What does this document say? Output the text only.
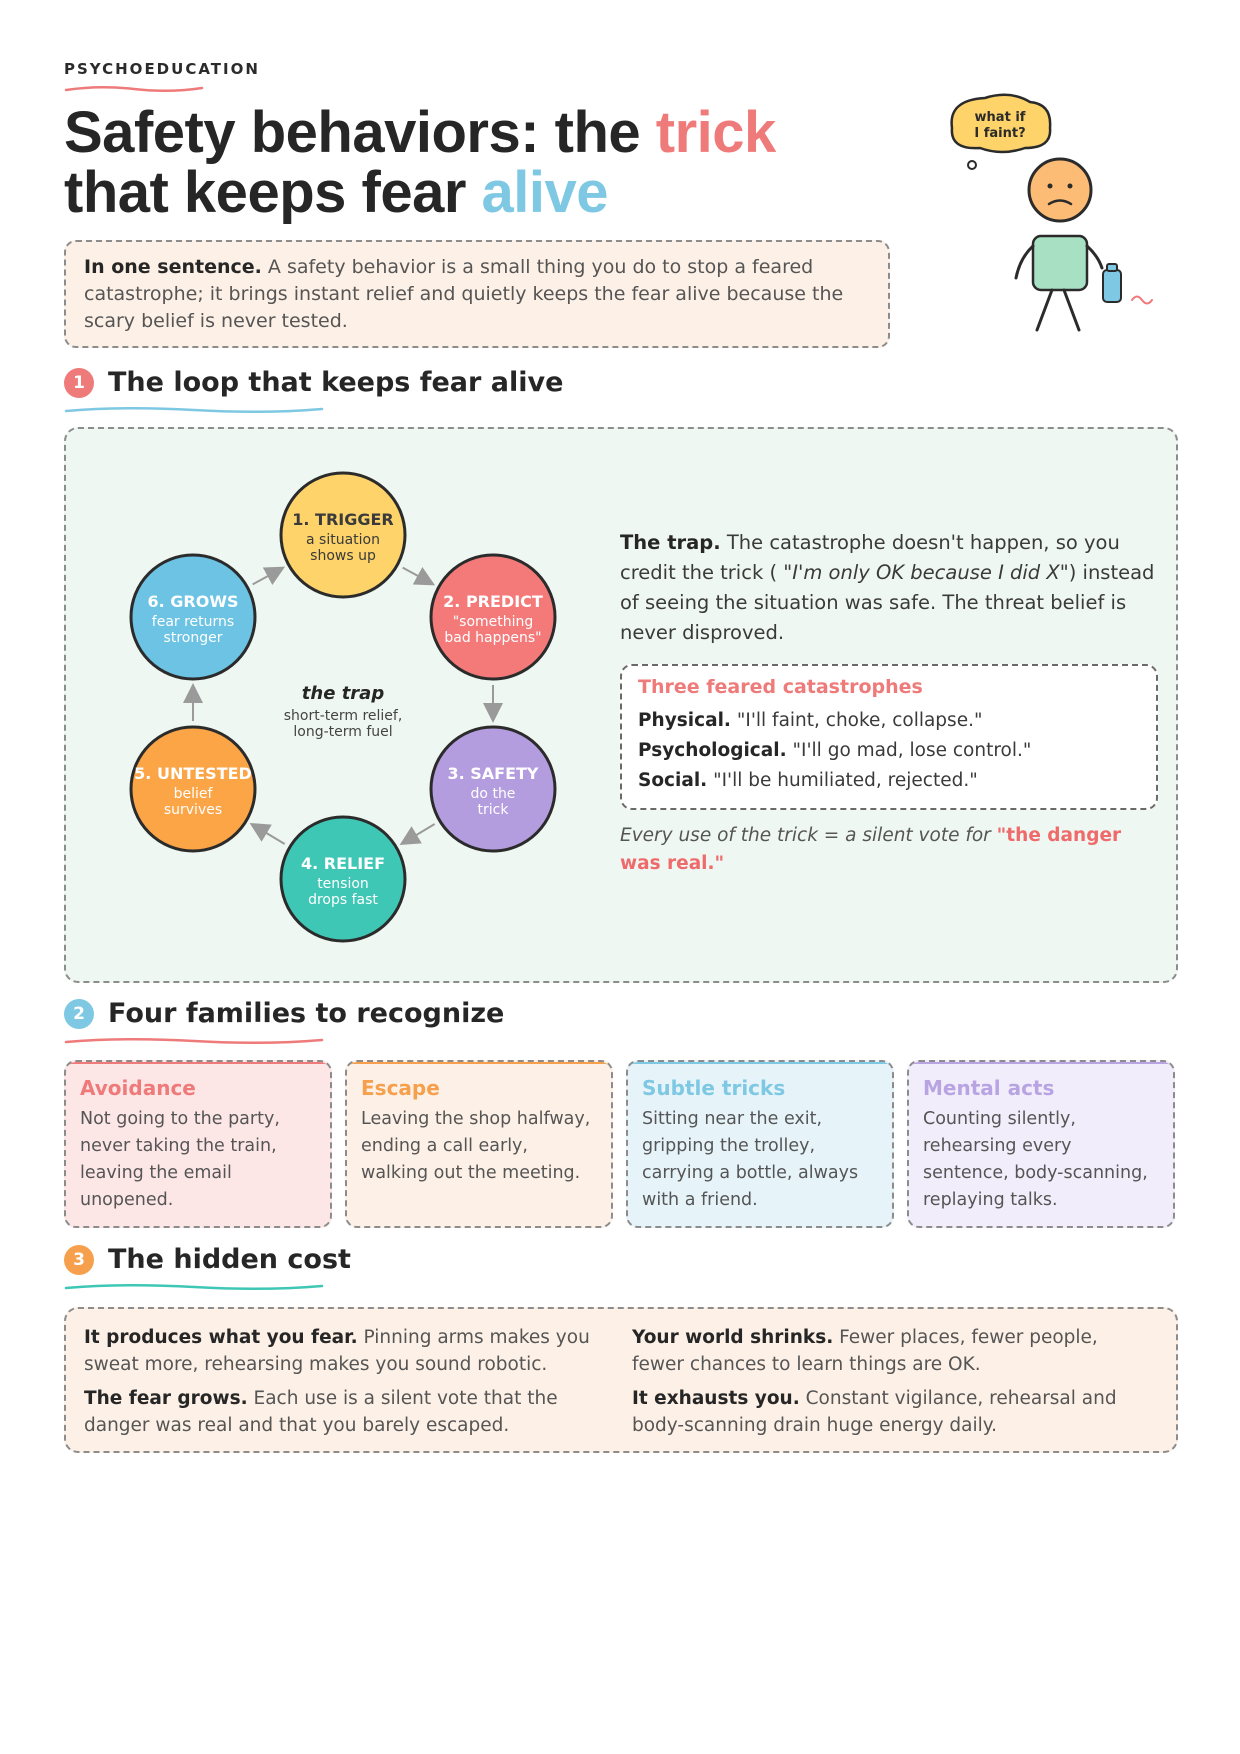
PSYCHOEDUCATION
Safety behaviors: the trick
that keeps fear alive
In one sentence. A safety behavior is a small thing you do to stop a feared catastrophe; it brings instant relief and quietly keeps the fear alive because the scary belief is never tested.
what if
I faint?
1 The loop that keeps fear alive
1. TRIGGER
a situation
shows up
2. PREDICT
"something
bad happens"
3. SAFETY
do the
trick
4. RELIEF
tension
drops fast
5. UNTESTED
belief
survives
6. GROWS
fear returns
stronger
the trap
short-term relief,
long-term fuel
The trap. The catastrophe doesn't happen, so you credit the trick ( "I'm only OK because I did X") instead of seeing the situation was safe. The threat belief is never disproved.
Three feared catastrophes
Physical. "I'll faint, choke, collapse."
Psychological. "I'll go mad, lose control."
Social. "I'll be humiliated, rejected."
Every use of the trick = a silent vote for "the danger was real."
2 Four families to recognize
Avoidance
Not going to the party, never taking the train, leaving the email unopened.
Escape
Leaving the shop halfway, ending a call early, walking out the meeting.
Subtle tricks
Sitting near the exit, gripping the trolley, carrying a bottle, always with a friend.
Mental acts
Counting silently, rehearsing every sentence, body-scanning, replaying talks.
3 The hidden cost
It produces what you fear. Pinning arms makes you sweat more, rehearsing makes you sound robotic.
Your world shrinks. Fewer places, fewer people, fewer chances to learn things are OK.
The fear grows. Each use is a silent vote that the danger was real and that you barely escaped.
It exhausts you. Constant vigilance, rehearsal and body-scanning drain huge energy daily.
